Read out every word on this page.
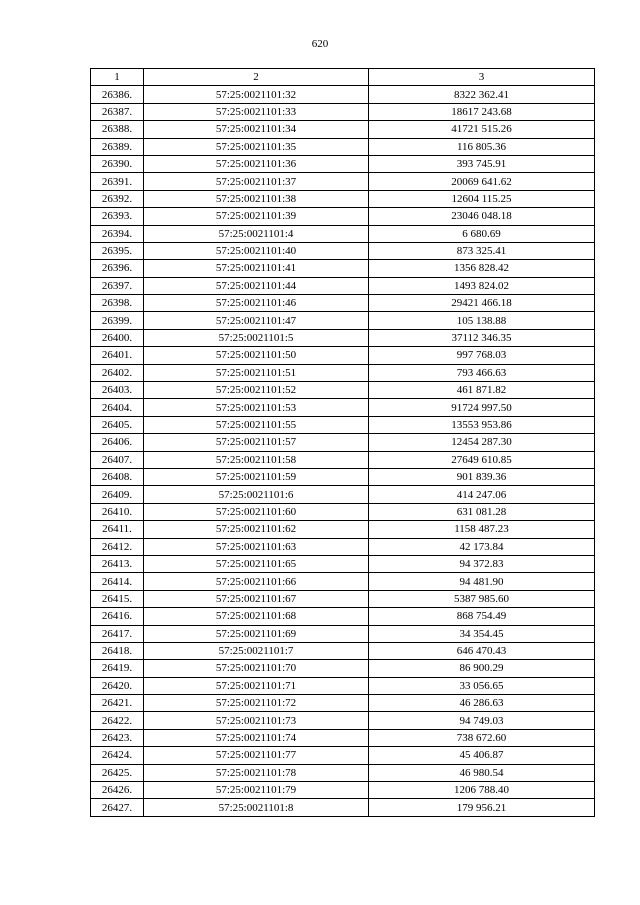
620
1	2	3
26386.	57:25:0021101:32	8322 362.41
26387.	57:25:0021101:33	18617 243.68
26388.	57:25:0021101:34	41721 515.26
26389.	57:25:0021101:35	116 805.36
26390.	57:25:0021101:36	393 745.91
26391.	57:25:0021101:37	20069 641.62
26392.	57:25:0021101:38	12604 115.25
26393.	57:25:0021101:39	23046 048.18
26394.	57:25:0021101:4	6 680.69
26395.	57:25:0021101:40	873 325.41
26396.	57:25:0021101:41	1356 828.42
26397.	57:25:0021101:44	1493 824.02
26398.	57:25:0021101:46	29421 466.18
26399.	57:25:0021101:47	105 138.88
26400.	57:25:0021101:5	37112 346.35
26401.	57:25:0021101:50	997 768.03
26402.	57:25:0021101:51	793 466.63
26403.	57:25:0021101:52	461 871.82
26404.	57:25:0021101:53	91724 997.50
26405.	57:25:0021101:55	13553 953.86
26406.	57:25:0021101:57	12454 287.30
26407.	57:25:0021101:58	27649 610.85
26408.	57:25:0021101:59	901 839.36
26409.	57:25:0021101:6	414 247.06
26410.	57:25:0021101:60	631 081.28
26411.	57:25:0021101:62	1158 487.23
26412.	57:25:0021101:63	42 173.84
26413.	57:25:0021101:65	94 372.83
26414.	57:25:0021101:66	94 481.90
26415.	57:25:0021101:67	5387 985.60
26416.	57:25:0021101:68	868 754.49
26417.	57:25:0021101:69	34 354.45
26418.	57:25:0021101:7	646 470.43
26419.	57:25:0021101:70	86 900.29
26420.	57:25:0021101:71	33 056.65
26421.	57:25:0021101:72	46 286.63
26422.	57:25:0021101:73	94 749.03
26423.	57:25:0021101:74	738 672.60
26424.	57:25:0021101:77	45 406.87
26425.	57:25:0021101:78	46 980.54
26426.	57:25:0021101:79	1206 788.40
26427.	57:25:0021101:8	179 956.21
